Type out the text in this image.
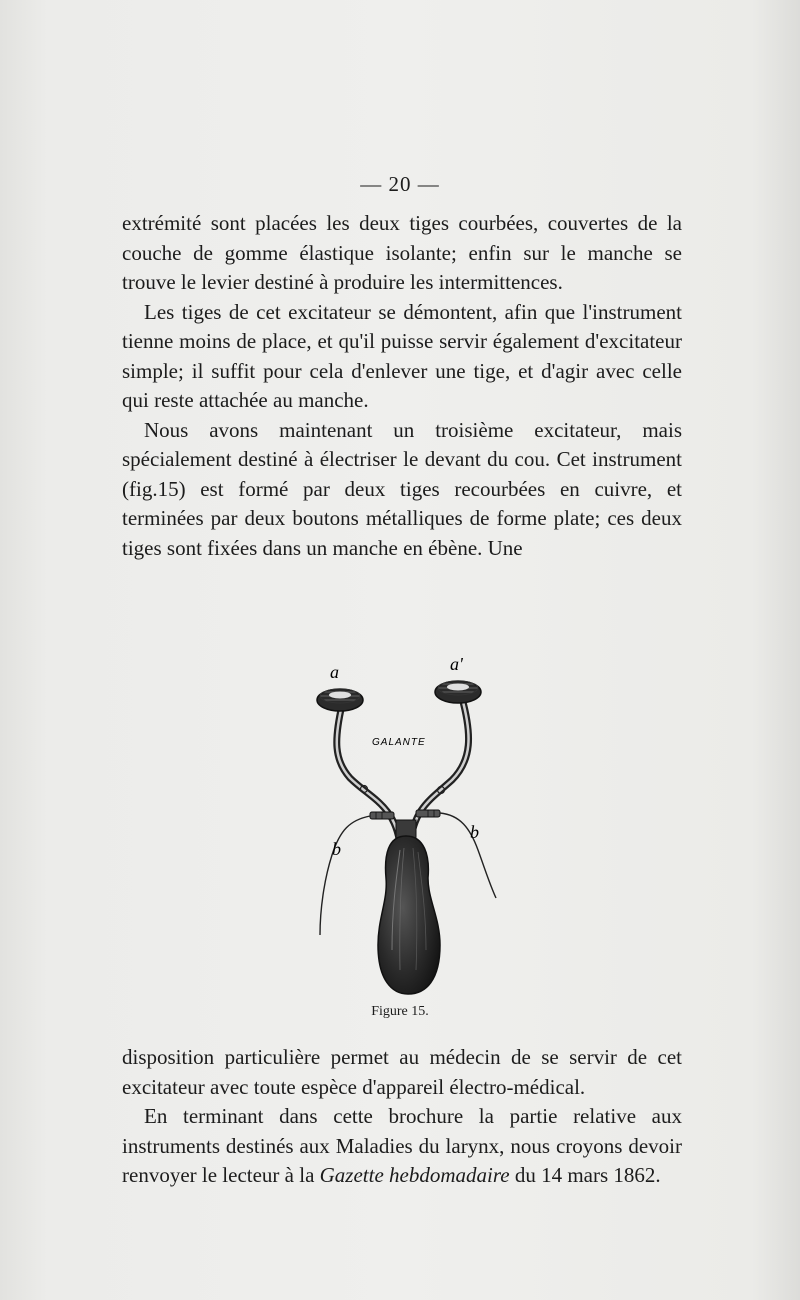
— 20 —

extrémité sont placées les deux tiges courbées, couvertes de la couche de gomme élastique isolante; enfin sur le manche se trouve le levier destiné à produire les intermittences.

Les tiges de cet excitateur se démontent, afin que l'instrument tienne moins de place, et qu'il puisse servir également d'excitateur simple; il suffit pour cela d'enlever une tige, et d'agir avec celle qui reste attachée au manche.

Nous avons maintenant un troisième excitateur, mais spécialement destiné à électriser le devant du cou. Cet instrument (fig.15) est formé par deux tiges recourbées en cuivre, et terminées par deux boutons métalliques de forme plate; ces deux tiges sont fixées dans un manche en ébène. Une

a	a'
b
b
GALANTE
Figure 15.

disposition particulière permet au médecin de se servir de cet excitateur avec toute espèce d'appareil électro-médical.

En terminant dans cette brochure la partie relative aux instruments destinés aux Maladies du larynx, nous croyons devoir renvoyer le lecteur à la Gazette hebdomadaire du 14 mars 1862.
